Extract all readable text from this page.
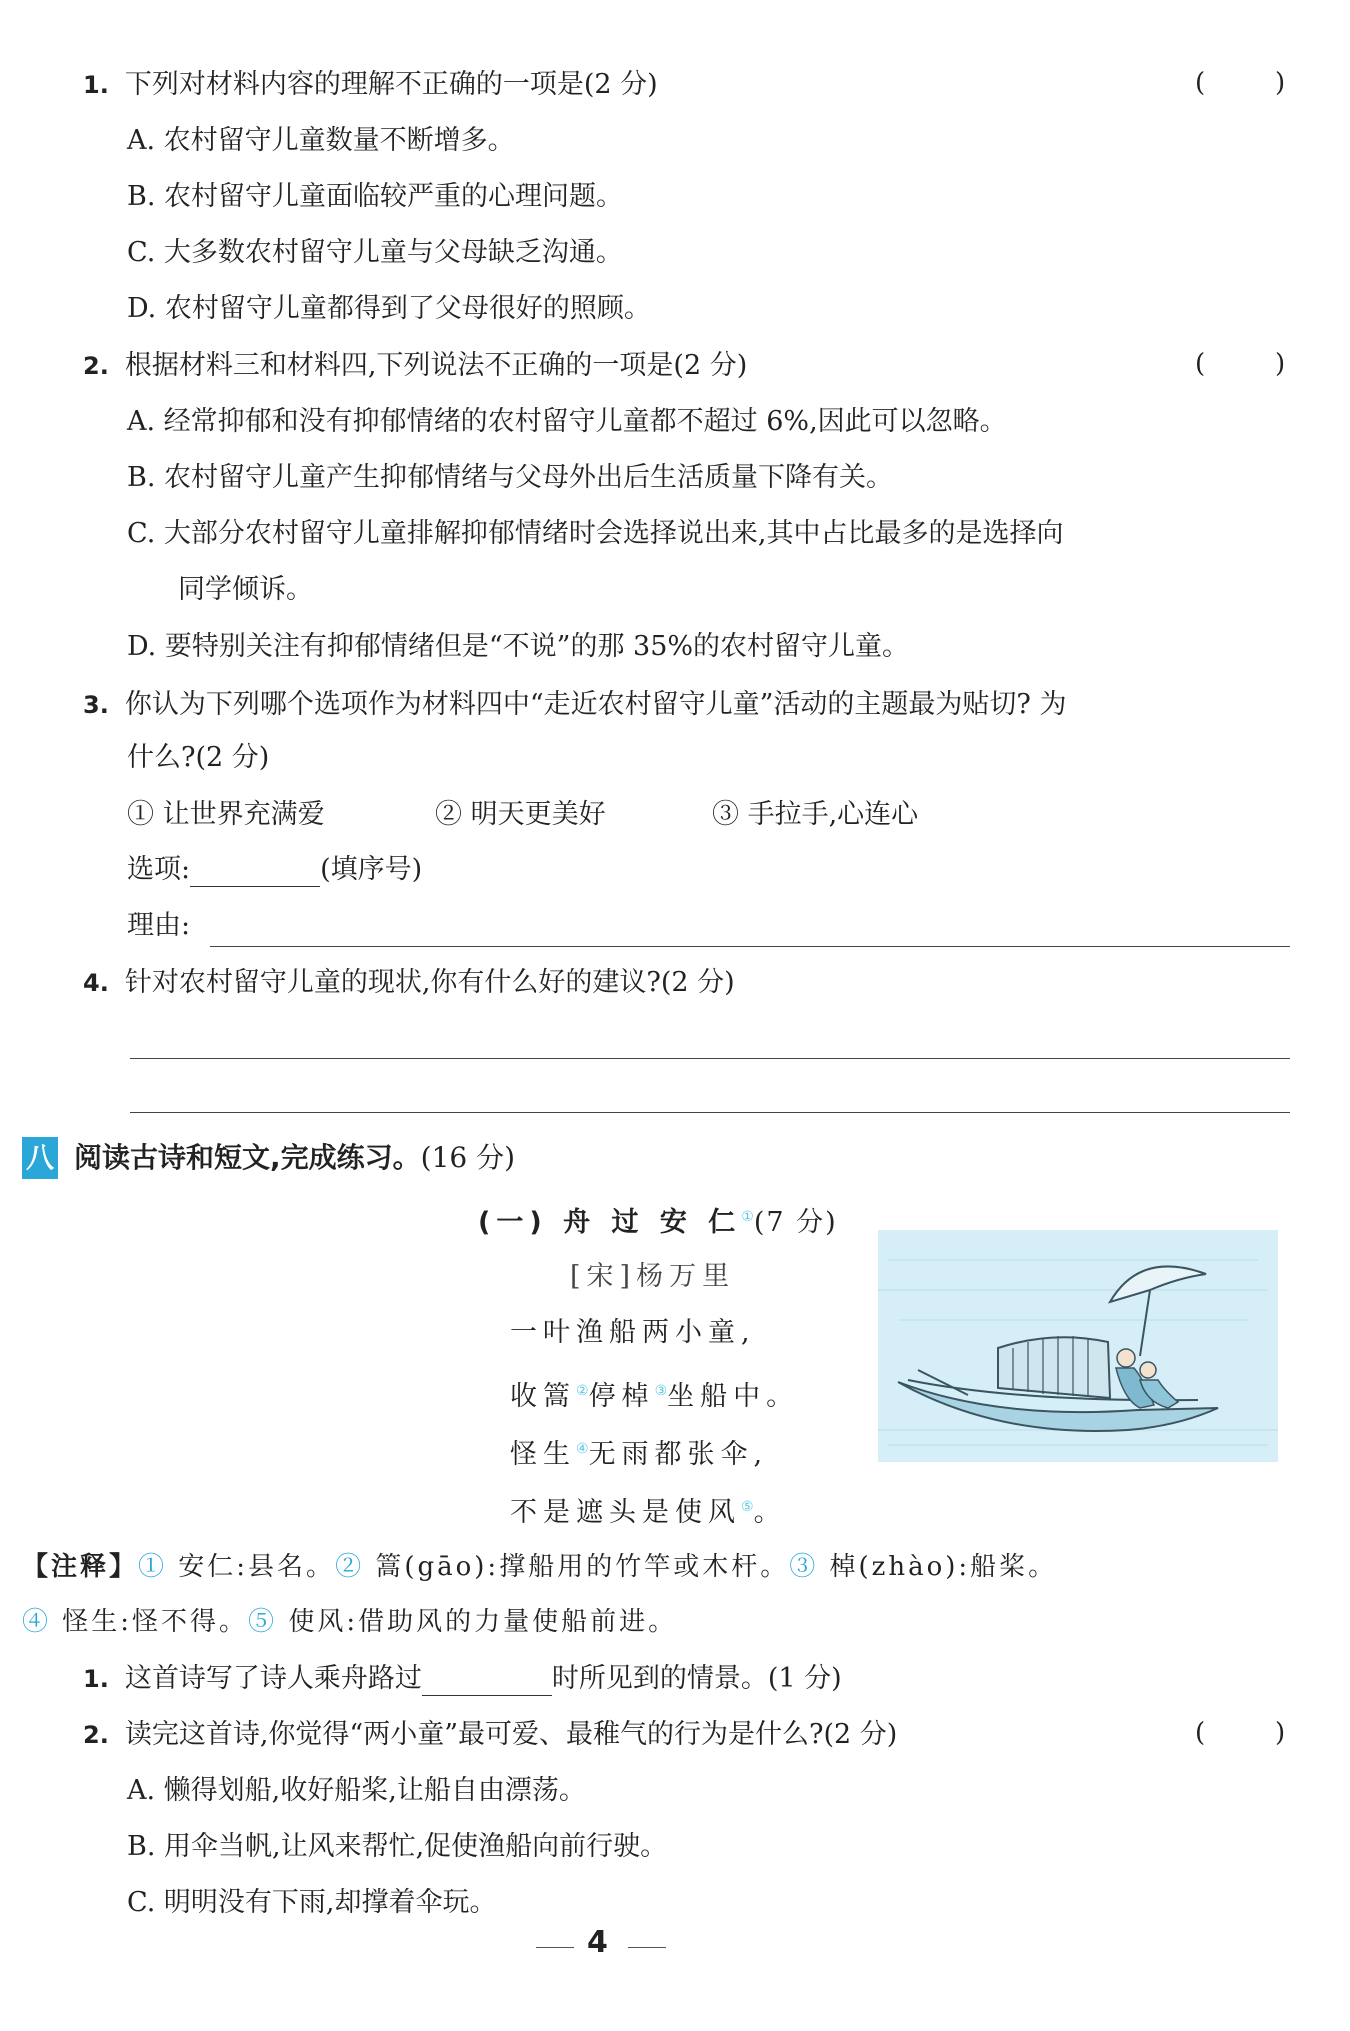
1. 下列对材料内容的理解不正确的一项是(2 分)	(	)
A. 农村留守儿童数量不断增多。
B. 农村留守儿童面临较严重的心理问题。
C. 大多数农村留守儿童与父母缺乏沟通。
D. 农村留守儿童都得到了父母很好的照顾。
2. 根据材料三和材料四,下列说法不正确的一项是(2 分)	(	)
A. 经常抑郁和没有抑郁情绪的农村留守儿童都不超过 6%,因此可以忽略。
B. 农村留守儿童产生抑郁情绪与父母外出后生活质量下降有关。
C. 大部分农村留守儿童排解抑郁情绪时会选择说出来,其中占比最多的是选择向
同学倾诉。
D. 要特别关注有抑郁情绪但是“不说”的那 35%的农村留守儿童。
3. 你认为下列哪个选项作为材料四中“走近农村留守儿童”活动的主题最为贴切? 为
什么?(2 分)
① 让世界充满爱	② 明天更美好	③ 手拉手,心连心
选项:	(填序号)
理由:
4. 针对农村留守儿童的现状,你有什么好的建议?(2 分)
八 阅读古诗和短文,完成练习。(16 分)
(一) 舟 过 安 仁①(7 分)
[宋]杨万里
一叶渔船两小童,
收篙②停棹③坐船中。
怪生④无雨都张伞,
不是遮头是使风⑤。
【注释】① 安仁:县名。② 篙(gāo):撑船用的竹竿或木杆。③ 棹(zhào):船桨。
④ 怪生:怪不得。⑤ 使风:借助风的力量使船前进。
1. 这首诗写了诗人乘舟路过	时所见到的情景。(1 分)
2. 读完这首诗,你觉得“两小童”最可爱、最稚气的行为是什么?(2 分)	(	)
A. 懒得划船,收好船桨,让船自由漂荡。
B. 用伞当帆,让风来帮忙,促使渔船向前行驶。
C. 明明没有下雨,却撑着伞玩。
4
